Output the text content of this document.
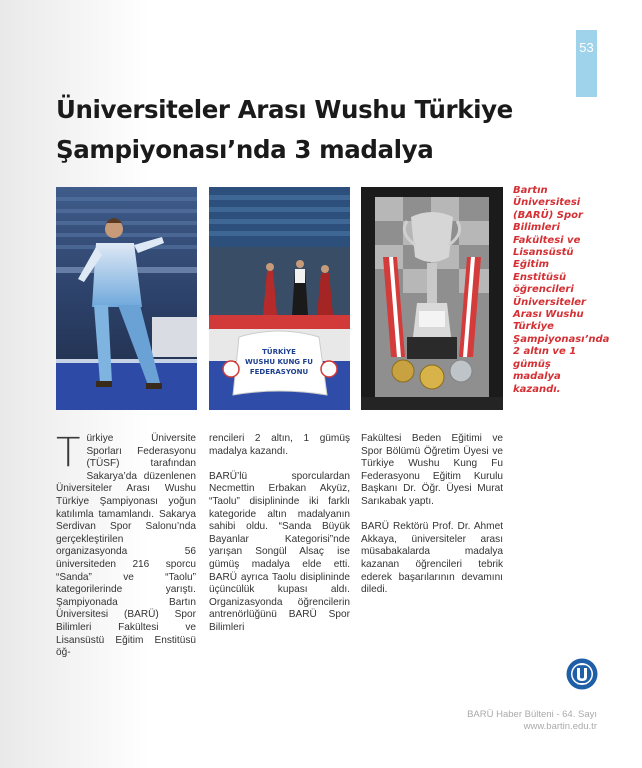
53
Üniversiteler Arası Wushu Türkiye
Şampiyonası’nda 3 madalya
TÜRKİYE
WUSHU KUNG FU
FEDERASYONU

Bartın Üniversitesi (BARÜ) Spor Bilimleri Fakültesi ve Lisansüstü Eğitim Enstitüsü öğrencileri Üniversiteler Arası Wushu Türkiye Şampiyonası’nda 2 altın ve 1 gümüş madalya kazandı.

Türkiye Üniversite Sporları Federasyonu (TÜSF) tarafından Sakarya’da düzenlenen Üniversiteler Arası Wushu Türkiye Şampiyonası yoğun katılımla tamamlandı. Sakarya Serdivan Spor Salonu’nda gerçekleştirilen organizasyonda 56 üniversiteden 216 sporcu “Sanda” ve “Taolu” kategorilerinde yarıştı. Şampiyonada Bartın Üniversitesi (BARÜ) Spor Bilimleri Fakültesi ve Lisansüstü Eğitim Enstitüsü öğ-

rencileri 2 altın, 1 gümüş madalya kazandı.

BARÜ’lü sporculardan Necmettin Erbakan Akyüz, “Taolu” disiplininde iki farklı kategoride altın madalyanın sahibi oldu. “Sanda Büyük Bayanlar Kategorisi”nde yarışan Songül Alsaç ise gümüş madalya elde etti. BARÜ ayrıca Taolu disiplininde üçüncülük kupası aldı. Organizasyonda öğrencilerin antrenörlüğünü BARÜ Spor Bilimleri

Fakültesi Beden Eğitimi ve Spor Bölümü Öğretim Üyesi ve Türkiye Wushu Kung Fu Federasyonu Eğitim Kurulu Başkanı Dr. Öğr. Üyesi Murat Sarıkabak yaptı.

BARÜ Rektörü Prof. Dr. Ahmet Akkaya, üniversiteler arası müsabakalarda madalya kazanan öğrencileri tebrik ederek başarılarının devamını diledi.

BARÜ Haber Bülteni - 64. Sayı
www.bartin.edu.tr
